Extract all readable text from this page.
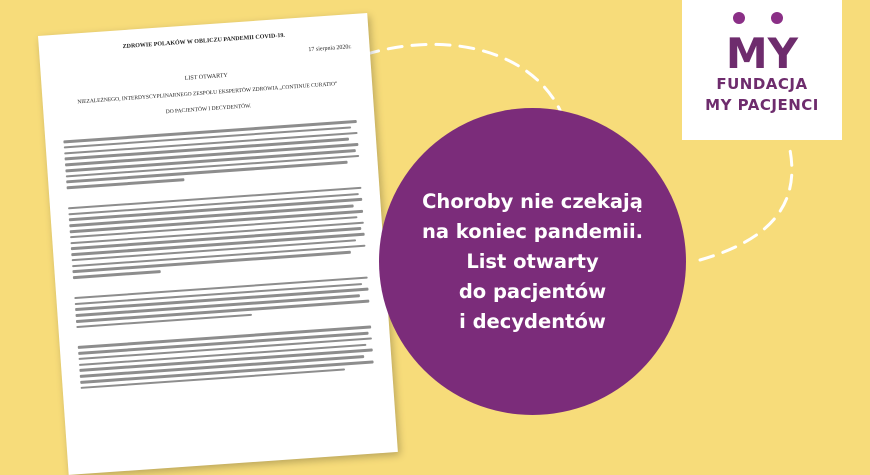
ZDROWIE POLAKÓW W OBLICZU PANDEMII COVID-19.	17 sierpnia 2020r.
LIST OTWARTY
NIEZALEŻNEGO, INTERDYSCYPLINARNEGO ZESPOŁU EKSPERTÓW ZDROWIA „CONTINUE CURATIO”
DO PACJENTÓW I DECYDENTÓW.
Choroby nie czekają
na koniec pandemii.
List otwarty
do pacjentów
i decydentów
MY
FUNDACJA
MY PACJENCI
